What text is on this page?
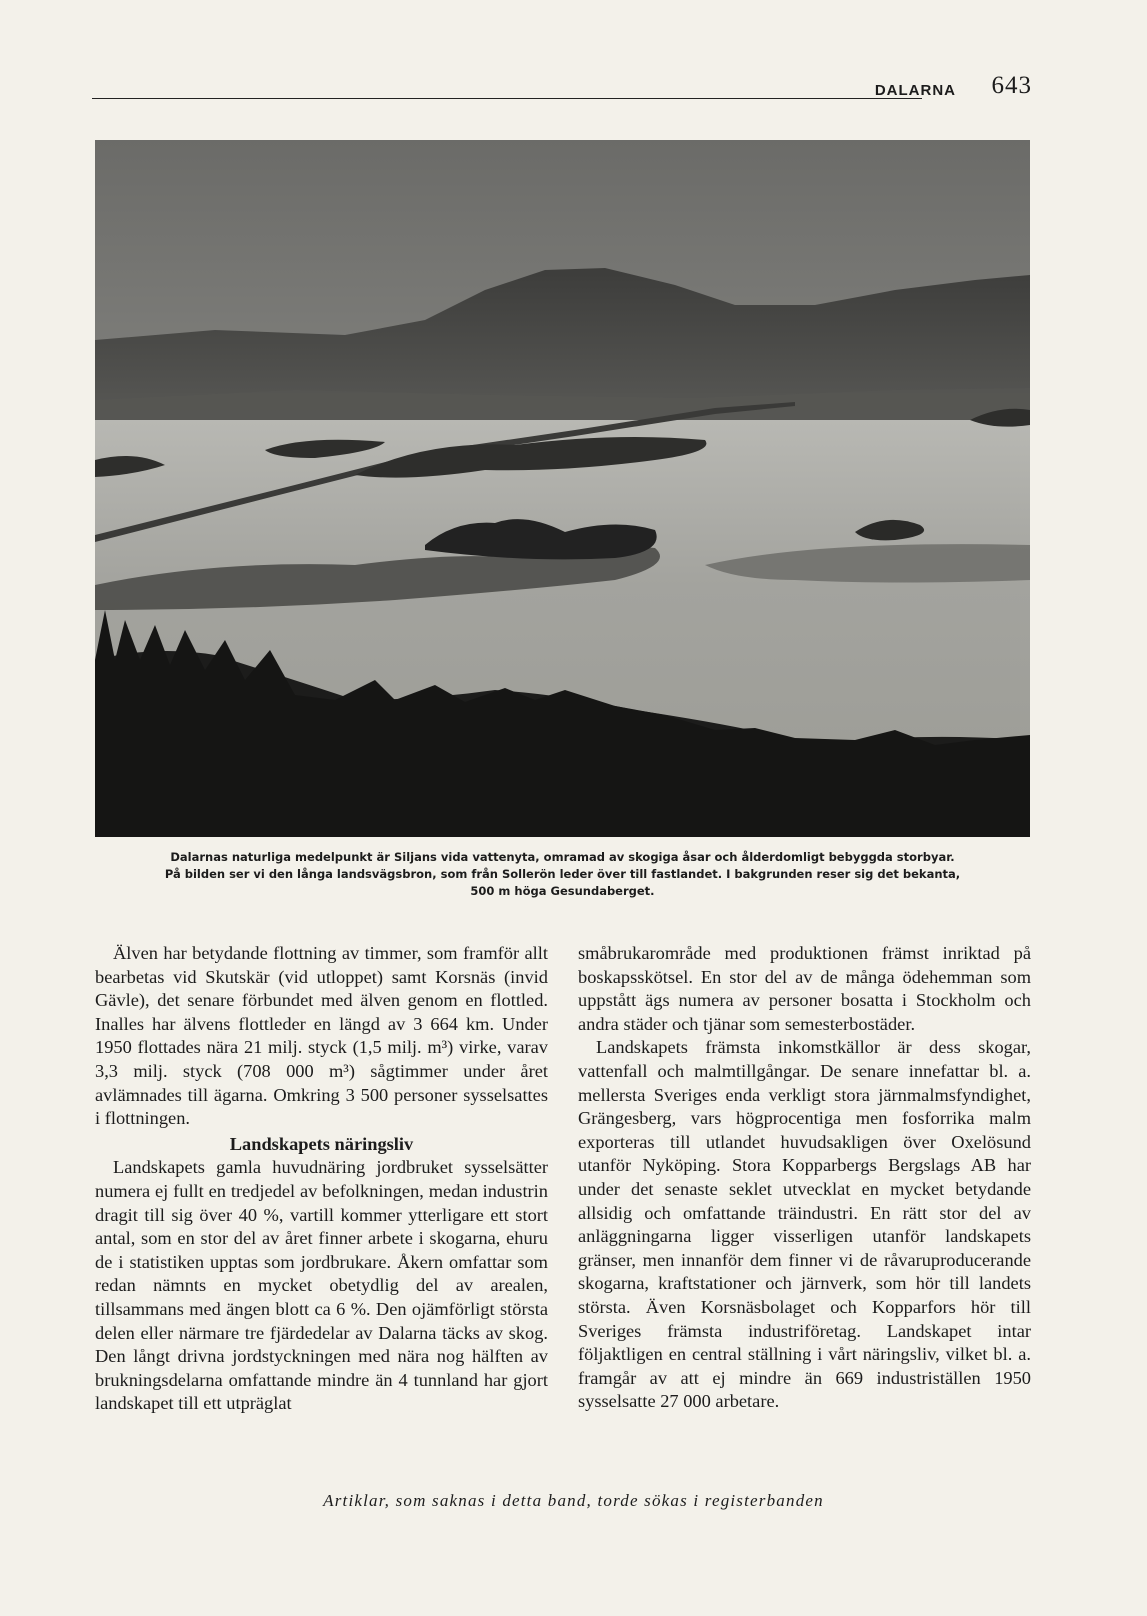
DALARNA 643
Dalarnas naturliga medelpunkt är Siljans vida vattenyta, omramad av skogiga åsar och ålderdomligt bebyggda storbyar.
På bilden ser vi den långa landsvägsbron, som från Sollerön leder över till fastlandet. I bakgrunden reser sig det bekanta,
500 m höga Gesundaberget.

Älven har betydande flottning av timmer, som framför allt bearbetas vid Skutskär (vid utloppet) samt Korsnäs (invid Gävle), det senare förbundet med älven genom en flottled. Inalles har älvens flottleder en längd av 3 664 km. Under 1950 flottades nära 21 milj. styck (1,5 milj. m³) virke, varav 3,3 milj. styck (708 000 m³) sågtimmer under året avlämnades till ägarna. Omkring 3 500 personer sysselsattes i flottningen.

Landskapets näringsliv

Landskapets gamla huvudnäring jordbruket sysselsätter numera ej fullt en tredjedel av befolkningen, medan industrin dragit till sig över 40 %, vartill kommer ytterligare ett stort antal, som en stor del av året finner arbete i skogarna, ehuru de i statistiken upptas som jordbrukare. Åkern omfattar som redan nämnts en mycket obetydlig del av arealen, tillsammans med ängen blott ca 6 %. Den ojämförligt största delen eller närmare tre fjärdedelar av Dalarna täcks av skog. Den långt drivna jordstyckningen med nära nog hälften av brukningsdelarna omfattande mindre än 4 tunnland har gjort landskapet till ett utpräglat

småbrukarområde med produktionen främst inriktad på boskapsskötsel. En stor del av de många ödehemman som uppstått ägs numera av personer bosatta i Stockholm och andra städer och tjänar som semesterbostäder.

Landskapets främsta inkomstkällor är dess skogar, vattenfall och malmtillgångar. De senare innefattar bl. a. mellersta Sveriges enda verkligt stora järnmalmsfyndighet, Grängesberg, vars högprocentiga men fosforrika malm exporteras till utlandet huvudsakligen över Oxelösund utanför Nyköping. Stora Kopparbergs Bergslags AB har under det senaste seklet utvecklat en mycket betydande allsidig och omfattande träindustri. En rätt stor del av anläggningarna ligger visserligen utanför landskapets gränser, men innanför dem finner vi de råvaruproducerande skogarna, kraftstationer och järnverk, som hör till landets största. Även Korsnäsbolaget och Kopparfors hör till Sveriges främsta industriföretag. Landskapet intar följaktligen en central ställning i vårt näringsliv, vilket bl. a. framgår av att ej mindre än 669 industriställen 1950 sysselsatte 27 000 arbetare.

Artiklar, som saknas i detta band, torde sökas i registerbanden
